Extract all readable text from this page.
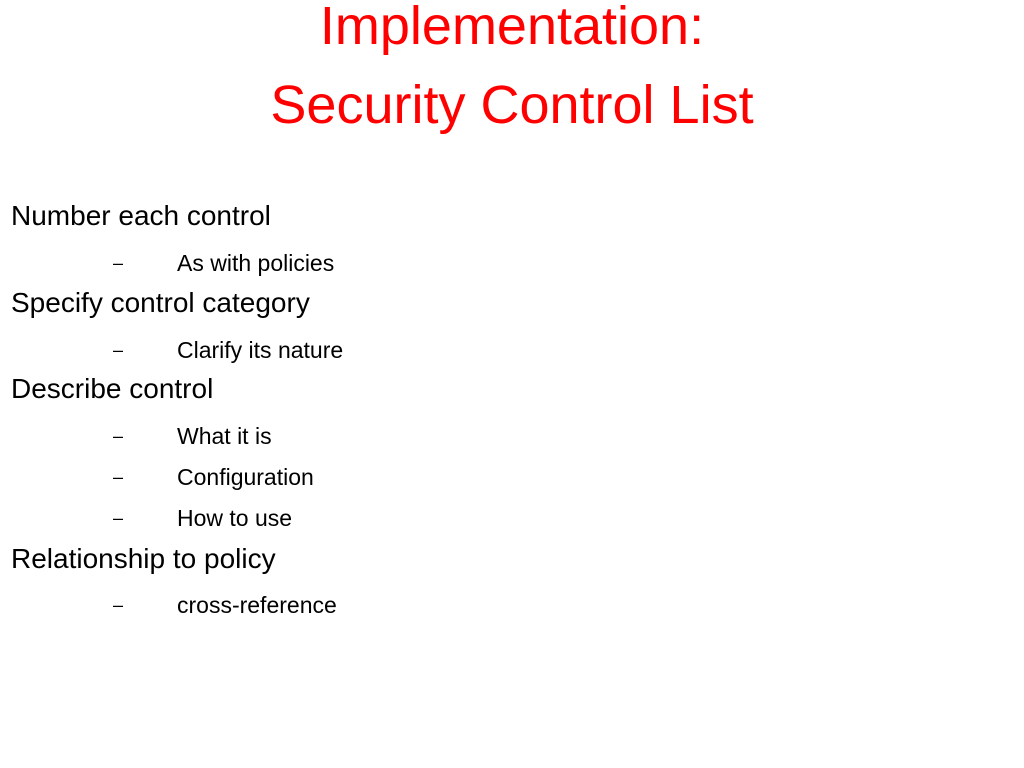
Implementation:
Security Control List
Number each control
– As with policies
Specify control category
– Clarify its nature
Describe control
– What it is
– Configuration
– How to use
Relationship to policy
– cross-reference
